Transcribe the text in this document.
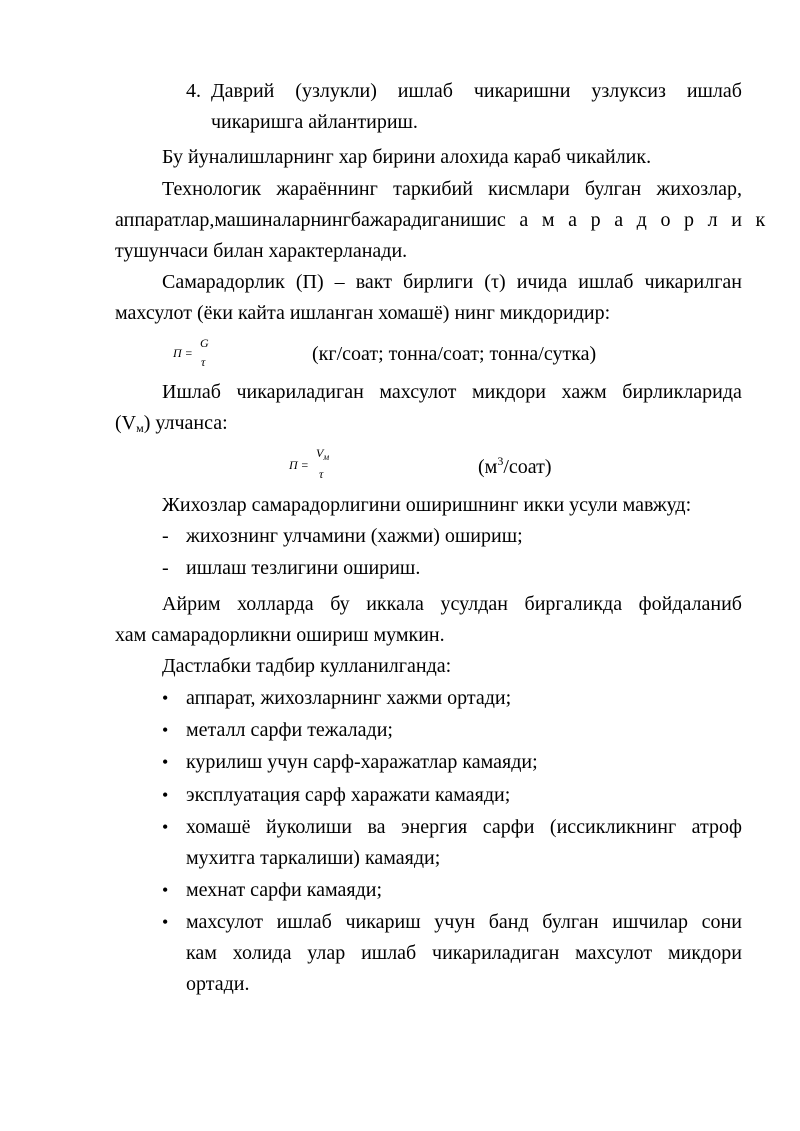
4. Даврий (узлукли) ишлаб чикаришни узлуксиз ишлаб
чикаришга айлантириш.
Бу йуналишларнинг хар бирини алохида караб чикайлик.
Технологик жараённинг таркибий кисмлари булган жихозлар,
аппаратлар, машиналарнинг бажарадиган иши с а м а р а д о р л и к
тушунчаси билан характерланади.
Самарадорлик (П) – вакт бирлиги (τ) ичида ишлаб чикарилган
махсулот (ёки кайта ишланган хомашё) нинг микдоридир:
П =
G
τ	(кг/соат; тонна/соат; тонна/сутка)
Ишлаб чикариладиган махсулот микдори хажм бирликларида
$(V_м)$ улчанса:
П =
$V_м$
τ	$(м^3/соат)$
Жихозлар самарадорлигини оширишнинг икки усули мавжуд:
- жихознинг улчамини (хажми) ошириш;
- ишлаш тезлигини ошириш.
Айрим холларда бу иккала усулдан биргаликда фойдаланиб
хам самарадорликни ошириш мумкин.
Дастлабки тадбир кулланилганда:
• аппарат, жихозларнинг хажми ортади;
• металл сарфи тежалади;
• курилиш учун сарф-харажатлар камаяди;
• эксплуатация сарф харажати камаяди;
• хомашё йуколиши ва энергия сарфи (иссикликнинг атроф
мухитга таркалиши) камаяди;
• мехнат сарфи камаяди;
• махсулот ишлаб чикариш учун банд булган ишчилар сони
кам холида улар ишлаб чикариладиган махсулот микдори
ортади.
